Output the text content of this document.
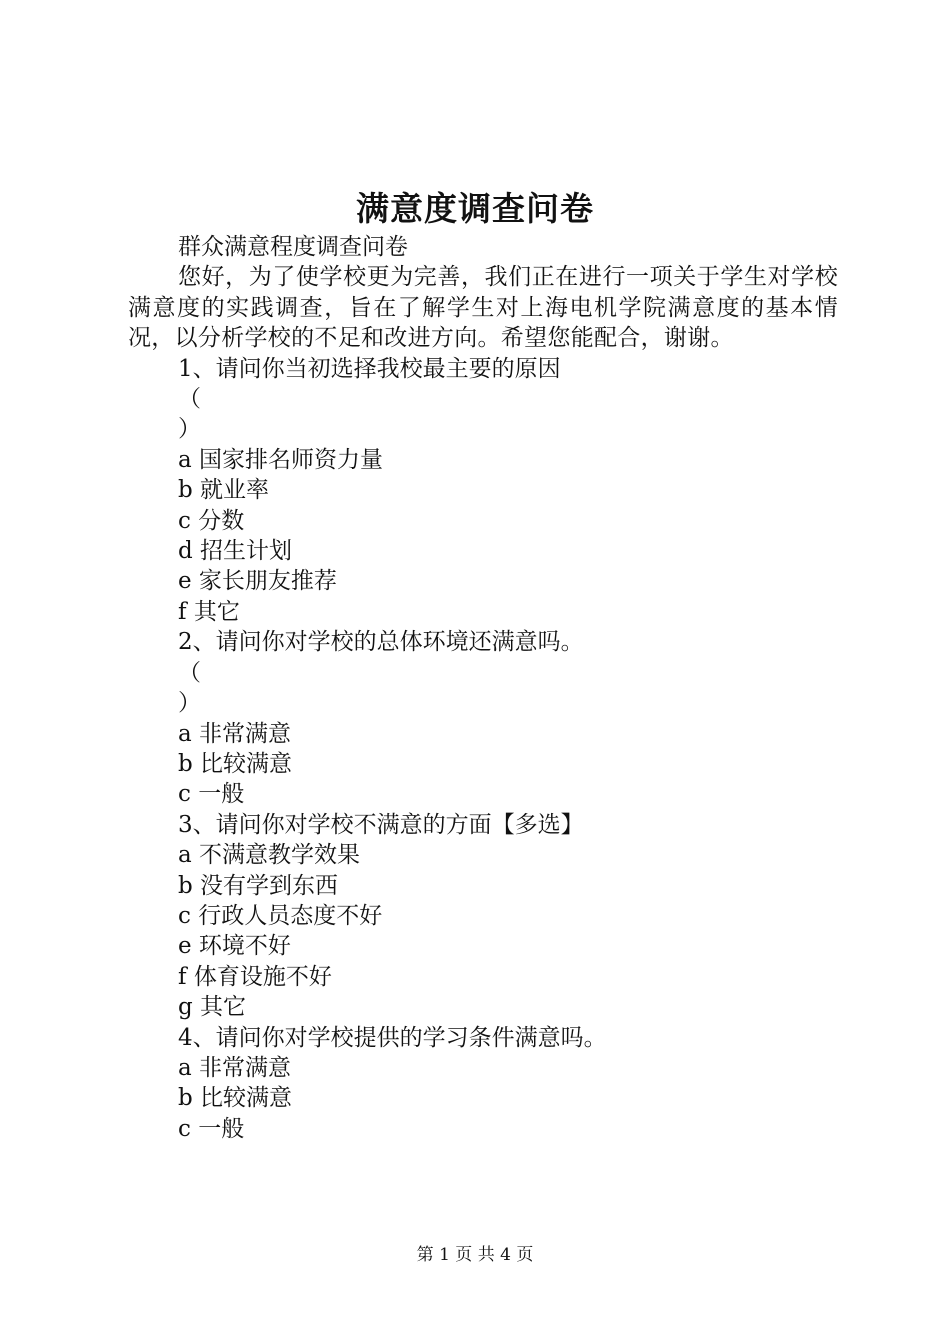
满意度调查问卷

群众满意程度调查问卷

您好，为了使学校更为完善，我们正在进行一项关于学生对学校满意度的实践调查，旨在了解学生对上海电机学院满意度的基本情况，以分析学校的不足和改进方向。希望您能配合，谢谢。

1、请问你当初选择我校最主要的原因

（

）

a 国家排名师资力量

b 就业率

c 分数

d 招生计划

e 家长朋友推荐

f 其它

2、请问你对学校的总体环境还满意吗。

（

）

a 非常满意

b 比较满意

c 一般

3、请问你对学校不满意的方面【多选】

a 不满意教学效果

b 没有学到东西

c 行政人员态度不好

e 环境不好

f 体育设施不好

g 其它

4、请问你对学校提供的学习条件满意吗。

a 非常满意

b 比较满意

c 一般

第 1 页 共 4 页
